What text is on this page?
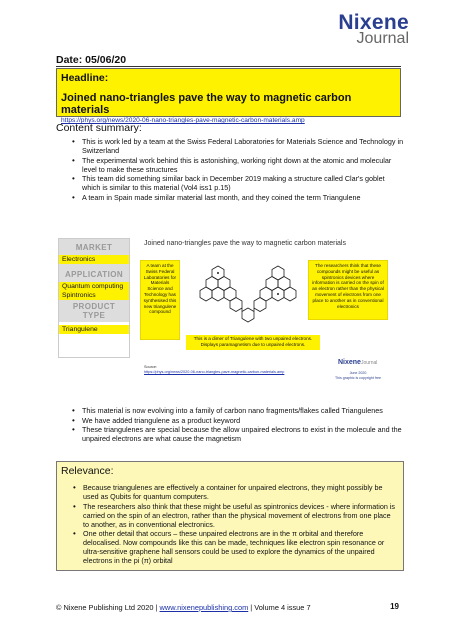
Nixene
Journal
Date: 05/06/20
Headline:
Joined nano-triangles pave the way to magnetic carbon materials
https://phys.org/news/2020-06-nano-triangles-pave-magnetic-carbon-materials.amp
Content summary:
• This is work led by a team at the Swiss Federal Laboratories for Materials Science and Technology in Switzerland
• The experimental work behind this is astonishing, working right down at the atomic and molecular level to make these structures
• This team did something similar back in December 2019 making a structure called Clar's goblet which is similar to this material (Vol4 iss1 p.15)
• A team in Spain made similar material last month, and they coined the term Triangulene
MARKET
Electronics
APPLICATION
Quantum computing
Spintronics
PRODUCT TYPE
Triangulene
Joined nano-triangles pave the way to magnetic carbon materials
A team at the Swiss Federal Laboratories for Materials Science and Technology has synthesised this new triangulene compound
The researchers think that these compounds might be useful as spintronics devices where information is carried on the spin of an electron rather than the physical movement of electrons from one place to another as in conventional electronics
This is a dimer of Triangulene with two unpaired electrons. Displays paramagnetism due to unpaired electrons.
Source:
https://phys.org/news/2020-06-nano-triangles-pave-magnetic-carbon-materials.amp
NixeneJournal
June 2020
This graphic is copyright free
• This material is now evolving into a family of carbon nano fragments/flakes called Triangulenes
• We have added triangulene as a product keyword
• These triangulenes are special because the allow unpaired electrons to exist in the molecule and the unpaired electrons are what cause the magnetism
Relevance:
• Because triangulenes are effectively a container for unpaired electrons, they might possibly be used as Qubits for quantum computers.
• The researchers also think that these might be useful as spintronics devices - where information is carried on the spin of an electron, rather than the physical movement of electrons from one place to another, as in conventional electronics.
• One other detail that occurs – these unpaired electrons are in the π orbital and therefore delocalised. Now compounds like this can be made, techniques like electron spin resonance or ultra-sensitive graphene hall sensors could be used to explore the dynamics of the unpaired electrons in the pi (π) orbital
© Nixene Publishing Ltd 2020 | www.nixenepublishing.com | Volume 4 issue 7	19
